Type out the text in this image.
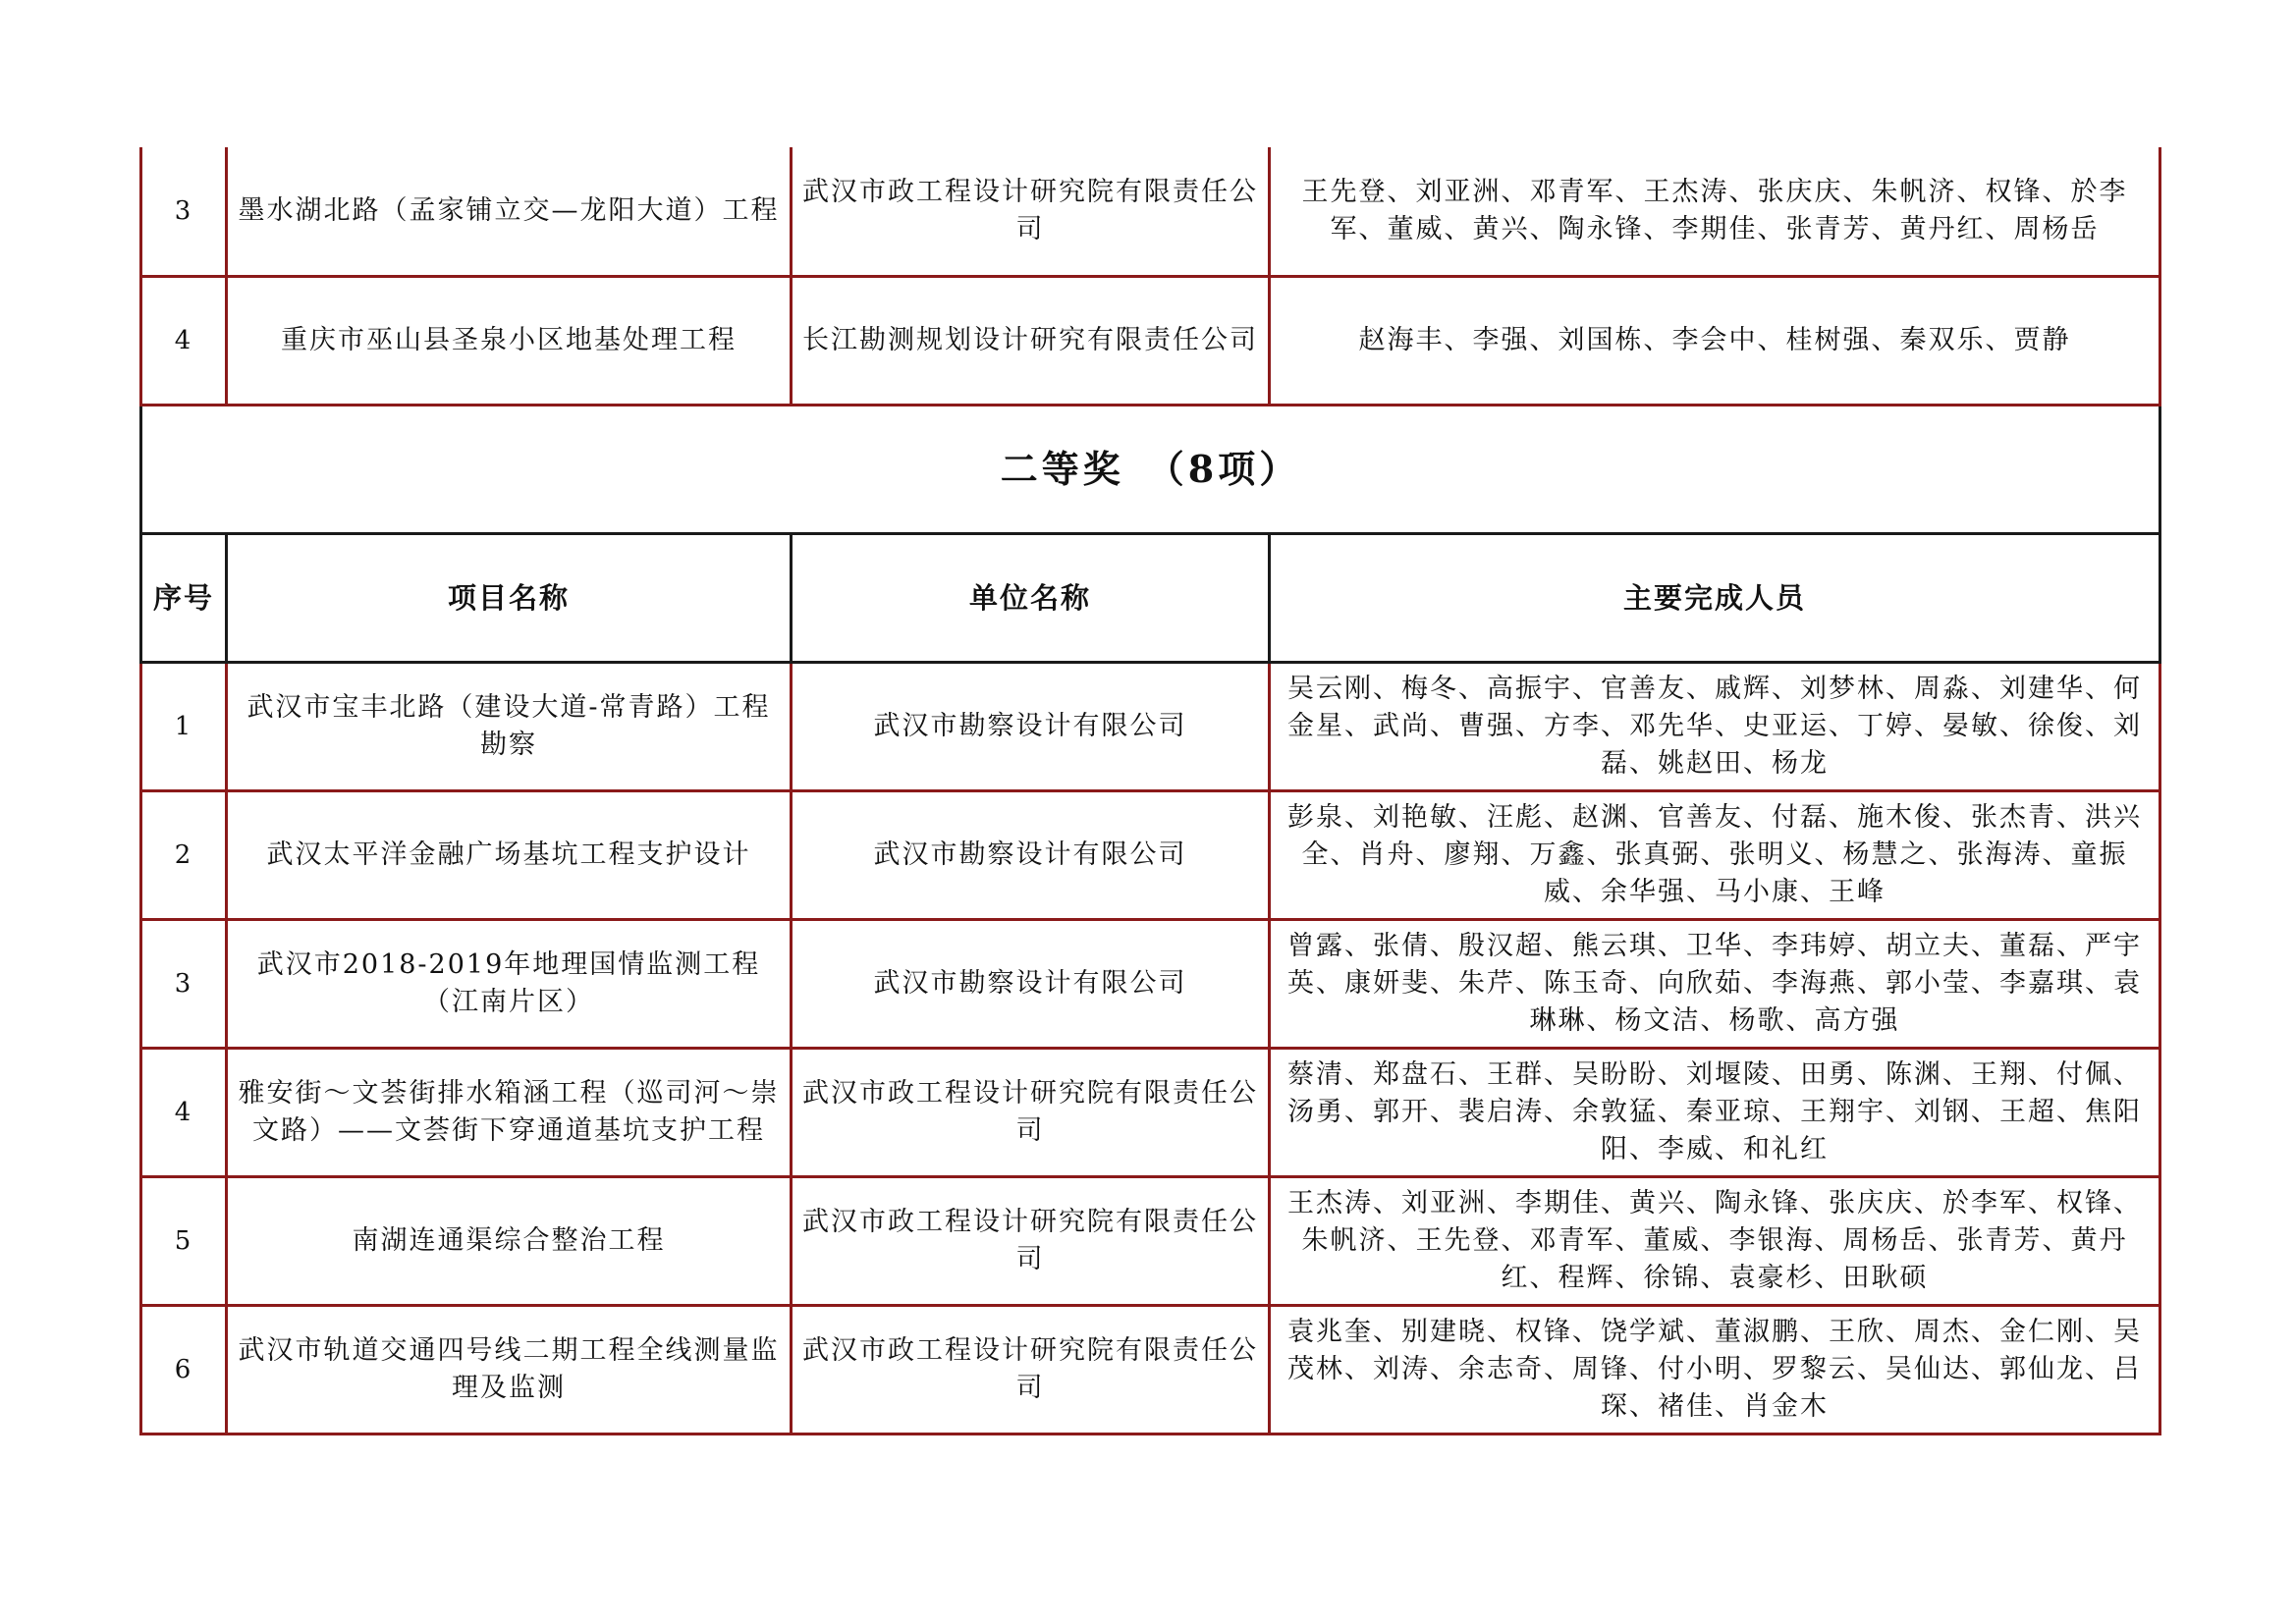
3	墨水湖北路（孟家铺立交—龙阳大道）工程	武汉市政工程设计研究院有限责任公司	王先登、刘亚洲、邓青军、王杰涛、张庆庆、朱帆济、权锋、於李军、董威、黄兴、陶永锋、李期佳、张青芳、黄丹红、周杨岳
4	重庆市巫山县圣泉小区地基处理工程	长江勘测规划设计研究有限责任公司	赵海丰、李强、刘国栋、李会中、桂树强、秦双乐、贾静
二等奖　（8项）			
序号	项目名称	单位名称	主要完成人员
1	武汉市宝丰北路（建设大道-常青路）工程勘察	武汉市勘察设计有限公司	吴云刚、梅冬、高振宇、官善友、戚辉、刘梦林、周淼、刘建华、何金星、武尚、曹强、方李、邓先华、史亚运、丁婷、晏敏、徐俊、刘磊、姚赵田、杨龙
2	武汉太平洋金融广场基坑工程支护设计	武汉市勘察设计有限公司	彭泉、刘艳敏、汪彪、赵渊、官善友、付磊、施木俊、张杰青、洪兴全、肖舟、廖翔、万鑫、张真弼、张明义、杨慧之、张海涛、童振威、余华强、马小康、王峰
3	武汉市2018-2019年地理国情监测工程（江南片区）	武汉市勘察设计有限公司	曾露、张倩、殷汉超、熊云琪、卫华、李玮婷、胡立夫、董磊、严宇英、康妍斐、朱芹、陈玉奇、向欣茹、李海燕、郭小莹、李嘉琪、袁琳琳、杨文洁、杨歌、高方强
4	雅安街～文荟街排水箱涵工程（巡司河～崇文路）——文荟街下穿通道基坑支护工程	武汉市政工程设计研究院有限责任公司	蔡清、郑盘石、王群、吴盼盼、刘堰陵、田勇、陈渊、王翔、付佩、汤勇、郭开、裴启涛、余敦猛、秦亚琼、王翔宇、刘钢、王超、焦阳阳、李威、和礼红
5	南湖连通渠综合整治工程	武汉市政工程设计研究院有限责任公司	王杰涛、刘亚洲、李期佳、黄兴、陶永锋、张庆庆、於李军、权锋、朱帆济、王先登、邓青军、董威、李银海、周杨岳、张青芳、黄丹红、程辉、徐锦、袁豪杉、田耿硕
6	武汉市轨道交通四号线二期工程全线测量监理及监测	武汉市政工程设计研究院有限责任公司	袁兆奎、别建晓、权锋、饶学斌、董淑鹏、王欣、周杰、金仁刚、吴茂林、刘涛、余志奇、周锋、付小明、罗黎云、吴仙达、郭仙龙、吕琛、褚佳、肖金木
